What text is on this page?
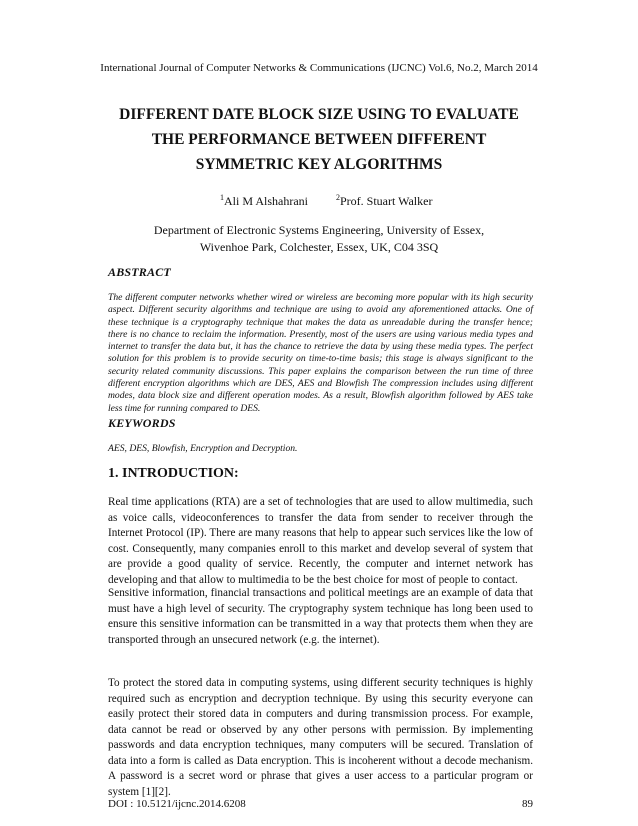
International Journal of Computer Networks & Communications (IJCNC) Vol.6, No.2, March 2014
DIFFERENT DATE BLOCK SIZE USING TO EVALUATE
THE PERFORMANCE BETWEEN DIFFERENT
SYMMETRIC KEY ALGORITHMS
$^1$Ali M Alshahrani	$^2$Prof. Stuart Walker
Department of Electronic Systems Engineering, University of Essex,
Wivenhoe Park, Colchester, Essex, UK, C04 3SQ
ABSTRACT
The different computer networks whether wired or wireless are becoming more popular with its high security aspect. Different security algorithms and technique are using to avoid any aforementioned attacks. One of these technique is a cryptography technique that makes the data as unreadable during the transfer hence; there is no chance to reclaim the information. Presently, most of the users are using various media types and internet to transfer the data but, it has the chance to retrieve the data by using these media types. The perfect solution for this problem is to provide security on time-to-time basis; this stage is always significant to the security related community discussions. This paper explains the comparison between the run time of three different encryption algorithms which are DES, AES and Blowfish The compression includes using different modes, data block size and different operation modes. As a result, Blowfish algorithm followed by AES take less time for running compared to DES.
KEYWORDS
AES, DES, Blowfish, Encryption and Decryption.
1. INTRODUCTION:
Real time applications (RTA) are a set of technologies that are used to allow multimedia, such as voice calls, videoconferences to transfer the data from sender to receiver through the Internet Protocol (IP). There are many reasons that help to appear such services like the low of cost. Consequently, many companies enroll to this market and develop several of system that are provide a good quality of service. Recently, the computer and internet network has developing and that allow to multimedia to be the best choice for most of people to contact.
Sensitive information, financial transactions and political meetings are an example of data that must have a high level of security. The cryptography system technique has long been used to ensure this sensitive information can be transmitted in a way that protects them when they are transported through an unsecured network (e.g. the internet).
To protect the stored data in computing systems, using different security techniques is highly required such as encryption and decryption technique. By using this security everyone can easily protect their stored data in computers and during transmission process. For example, data cannot be read or observed by any other persons with permission. By implementing passwords and data encryption techniques, many computers will be secured. Translation of data into a form is called as Data encryption. This is incoherent without a decode mechanism. A password is a secret word or phrase that gives a user access to a particular program or system [1][2].
DOI : 10.5121/ijcnc.2014.6208	89
